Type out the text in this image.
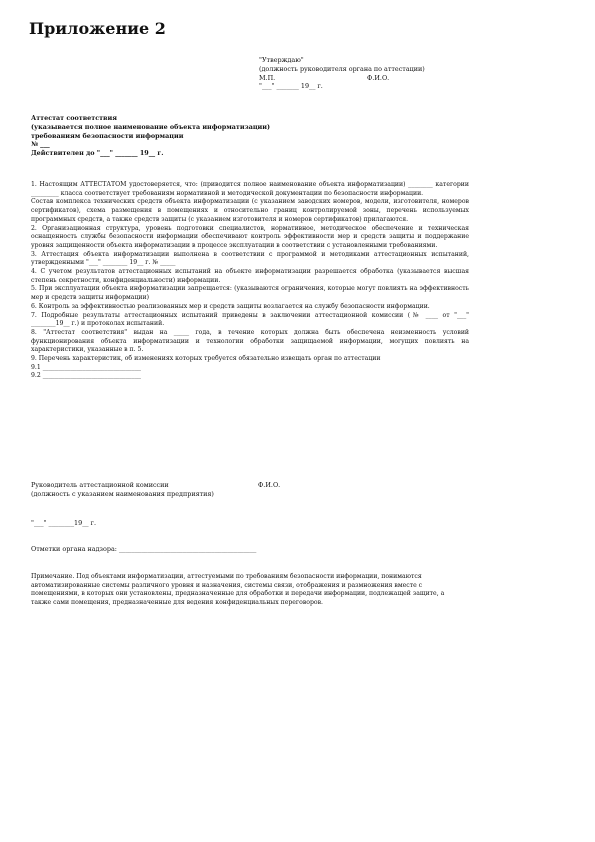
Приложение 2
"Утверждаю"
(должность руководителя органа по аттестации)
М.П.	Ф.И.О.
"___" _______ 19__ г.
Аттестат соответствия
(указывается полное наименование объекта информатизации)
требованиям безопасности информации
№ ___
Действителен до "___" _______ 19__ г.
1. Настоящим АТТЕСТАТОМ удостоверяется, что: (приводится полное наименование объекта информатизации) ________ категории _________ класса соответствует требованиям нормативной и методической документации по безопасности информации.
Состав комплекса технических средств объекта информатизации (с указанием заводских номеров, модели, изготовителя, номеров сертификатов), схема размещения в помещениях и относительно границ контролируемой зоны, перечень используемых программных средств, а также средств защиты (с указанием изготовителя и номеров сертификатов) прилагаются.
2. Организационная структура, уровень подготовки специалистов, нормативное, методическое обеспечение и техническая оснащенность службы безопасности информации обеспечивают контроль эффективности мер и средств защиты и поддержание уровня защищенности объекта информатизации в процессе эксплуатации в соответствии с установленными требованиями.
3. Аттестация объекта информатизации выполнена в соответствии с программой и методиками аттестационных испытаний, утвержденными "___" ________ 19__ г. № _____
4. С учетом результатов аттестационных испытаний на объекте информатизации разрешается обработка (указывается высшая степень секретности, конфиденциальности) информации.
5. При эксплуатации объекта информатизации запрещается: (указываются ограничения, которые могут повлиять на эффективность мер и средств защиты информации)
6. Контроль за эффективностью реализованных мер и средств защиты возлагается на службу безопасности информации.
7. Подробные результаты аттестационных испытаний приведены в заключении аттестационной комиссии (№ ____ от "___" ________19__ г.) и протоколах испытаний.
8. "Аттестат соответствия" выдан на _____ года, в течение которых должна быть обеспечена неизменность условий функционирования объекта информатизации и технологии обработки защищаемой информации, могущих повлиять на характеристики, указанные в п. 5.
9. Перечень характеристик, об изменениях которых требуется обязательно извещать орган по аттестации
9.1 ________________________________
9.2 ________________________________
Руководитель аттестационной комиссии	Ф.И.О.
(должность с указанием наименования предприятия)
"___" ________19__ г.
Отметки органа надзора: ___________________________________________
Примечание. Под объектами информатизации, аттестуемыми по требованиям безопасности информации, понимаются автоматизированные системы различного уровня и назначения, системы связи, отображения и размножения вместе с помещениями, в которых они установлены, предназначенные для обработки и передачи информации, подлежащей защите, а также сами помещения, предназначенные для ведения конфиденциальных переговоров.
